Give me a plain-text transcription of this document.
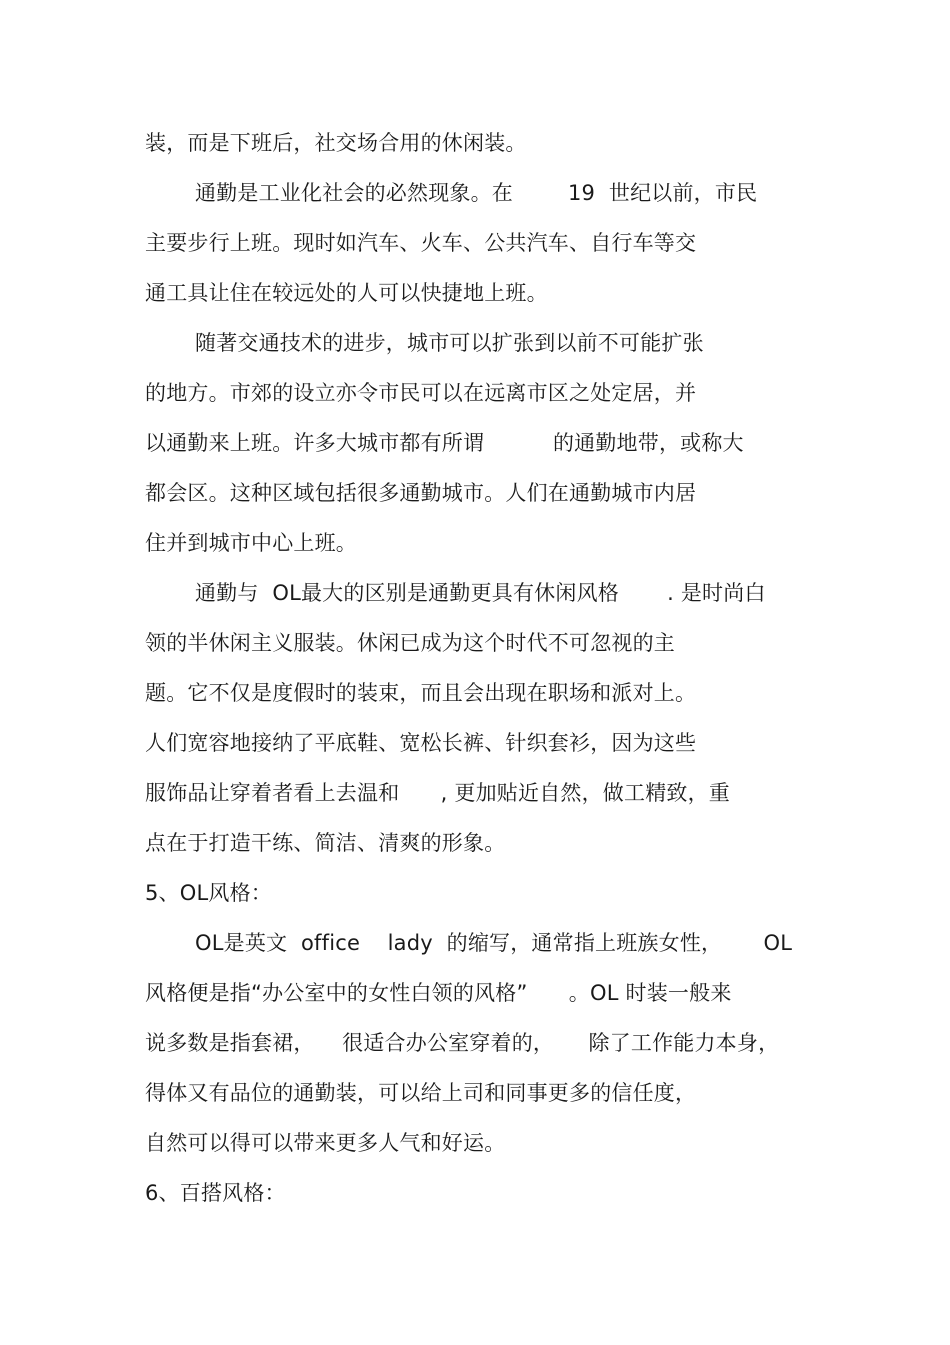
装，而是下班后，社交场合用的休闲装。
通勤是工业化社会的必然现象。在        19  世纪以前，市民
主要步行上班。现时如汽车、火车、公共汽车、自行车等交
通工具让住在较远处的人可以快捷地上班。
随著交通技术的进步，城市可以扩张到以前不可能扩张
的地方。市郊的设立亦令市民可以在远离市区之处定居，并
以通勤来上班。许多大城市都有所谓          的通勤地带，或称大
都会区。这种区域包括很多通勤城市。人们在通勤城市内居
住并到城市中心上班。
通勤与  OL最大的区别是通勤更具有休闲风格       . 是时尚白
领的半休闲主义服装。休闲已成为这个时代不可忽视的主
题。它不仅是度假时的装束，而且会出现在职场和派对上。
人们宽容地接纳了平底鞋、宽松长裤、针织套衫，因为这些
服饰品让穿着者看上去温和      , 更加贴近自然，做工精致，重
点在于打造干练、简洁、清爽的形象。
5、OL风格：
OL是英文  office    lady  的缩写，通常指上班族女性，      OL
风格便是指“办公室中的女性白领的风格”      。OL 时装一般来
说多数是指套裙，    很适合办公室穿着的，     除了工作能力本身，
得体又有品位的通勤装，可以给上司和同事更多的信任度，
自然可以得可以带来更多人气和好运。
6、百搭风格：
